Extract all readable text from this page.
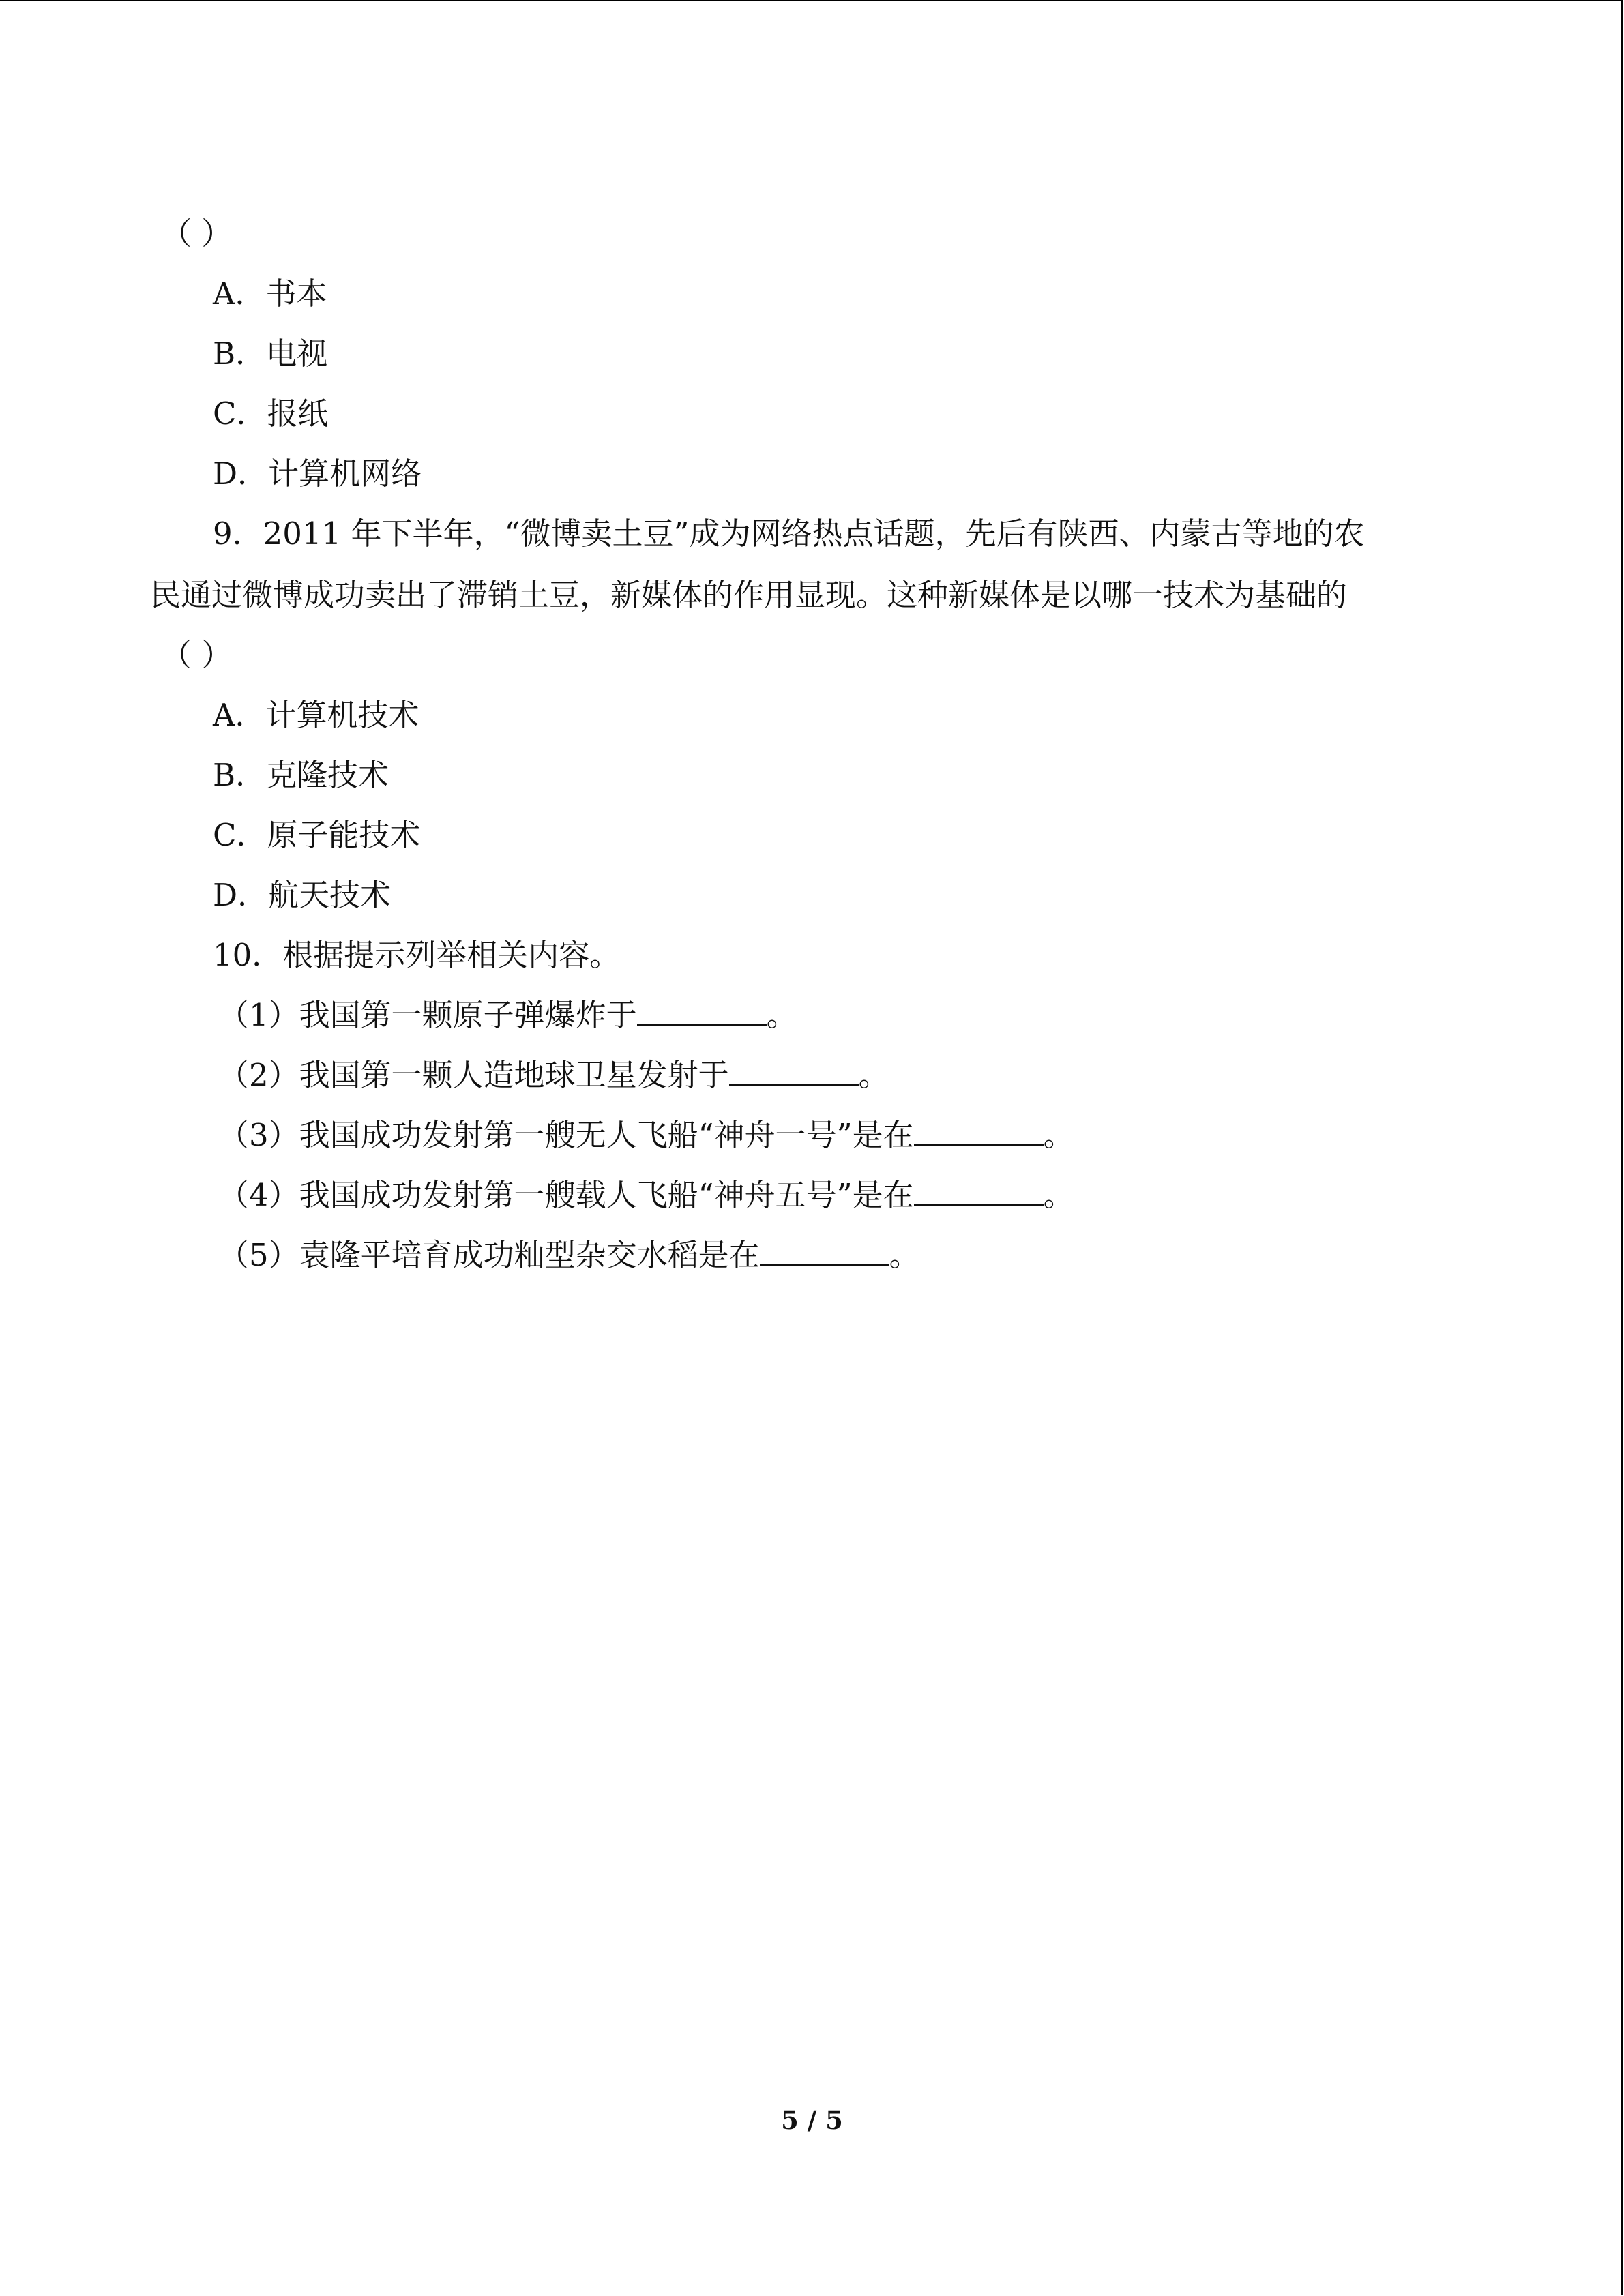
（ ）
A．书本
B．电视
C．报纸
D．计算机网络
9．2011 年下半年，“微博卖土豆”成为网络热点话题，先后有陕西、内蒙古等地的农
民通过微博成功卖出了滞销土豆，新媒体的作用显现。这种新媒体是以哪一技术为基础的
（ ）
A．计算机技术
B．克隆技术
C．原子能技术
D．航天技术
10．根据提示列举相关内容。
（1）我国第一颗原子弹爆炸于	。
（2）我国第一颗人造地球卫星发射于	。
（3）我国成功发射第一艘无人飞船“神舟一号”是在	。
（4）我国成功发射第一艘载人飞船“神舟五号”是在	。
（5）袁隆平培育成功籼型杂交水稻是在	。
5 / 5
